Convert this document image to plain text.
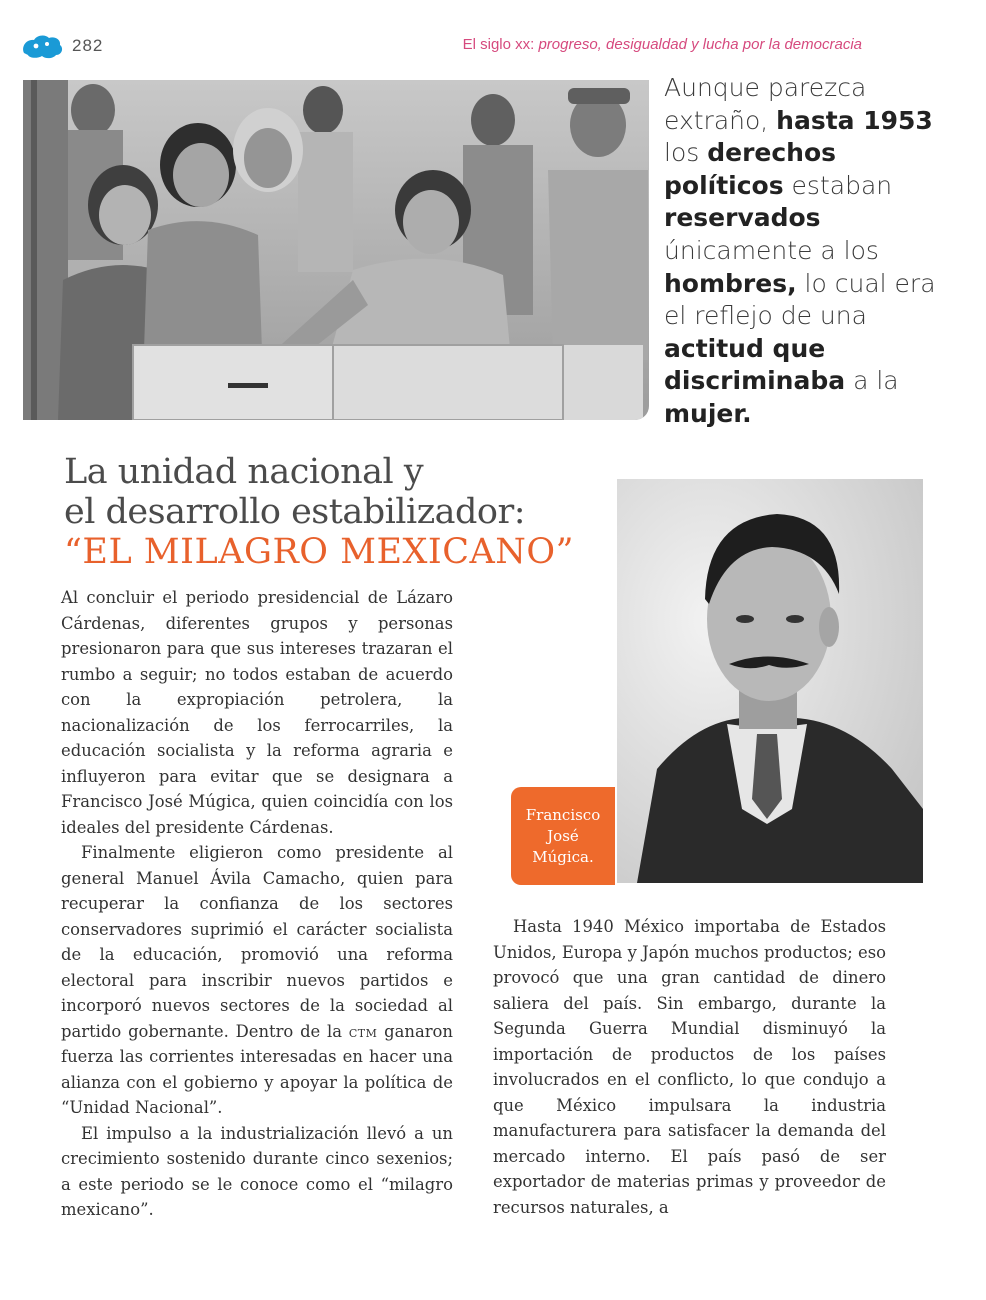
282	El siglo xx: progreso, desigualdad y lucha por la democracia
Aunque parezca extraño, hasta 1953 los derechos políticos estaban reservados únicamente a los hombres, lo cual era el reflejo de una actitud que discriminaba a la mujer.
La unidad nacional y
el desarrollo estabilizador:
“EL MILAGRO MEXICANO”
Francisco
José
Múgica.

Al concluir el periodo presidencial de Lázaro Cárdenas, diferentes grupos y personas presionaron para que sus intereses trazaran el rumbo a seguir; no todos estaban de acuerdo con la expropiación petrolera, la nacionalización de los ferrocarriles, la educación socialista y la reforma agraria e influyeron para evitar que se designara a Francisco José Múgica, quien coincidía con los ideales del presidente Cárdenas.

Finalmente eligieron como presidente al general Manuel Ávila Camacho, quien para recuperar la confianza de los sectores conservadores suprimió el carácter socialista de la educación, promovió una reforma electoral para inscribir nuevos partidos e incorporó nuevos sectores de la sociedad al partido gobernante. Dentro de la ctm ganaron fuerza las corrientes interesadas en hacer una alianza con el gobierno y apoyar la política de “Unidad Nacional”.

El impulso a la industrialización llevó a un crecimiento sostenido durante cinco sexenios; a este periodo se le conoce como el “milagro mexicano”.

Hasta 1940 México importaba de Estados Unidos, Europa y Japón muchos productos; eso provocó que una gran cantidad de dinero saliera del país. Sin embargo, durante la Segunda Guerra Mundial disminuyó la importación de productos de los países involucrados en el conflicto, lo que condujo a que México impulsara la industria manufacturera para satisfacer la demanda del mercado interno. El país pasó de ser exportador de materias primas y proveedor de recursos naturales, a
